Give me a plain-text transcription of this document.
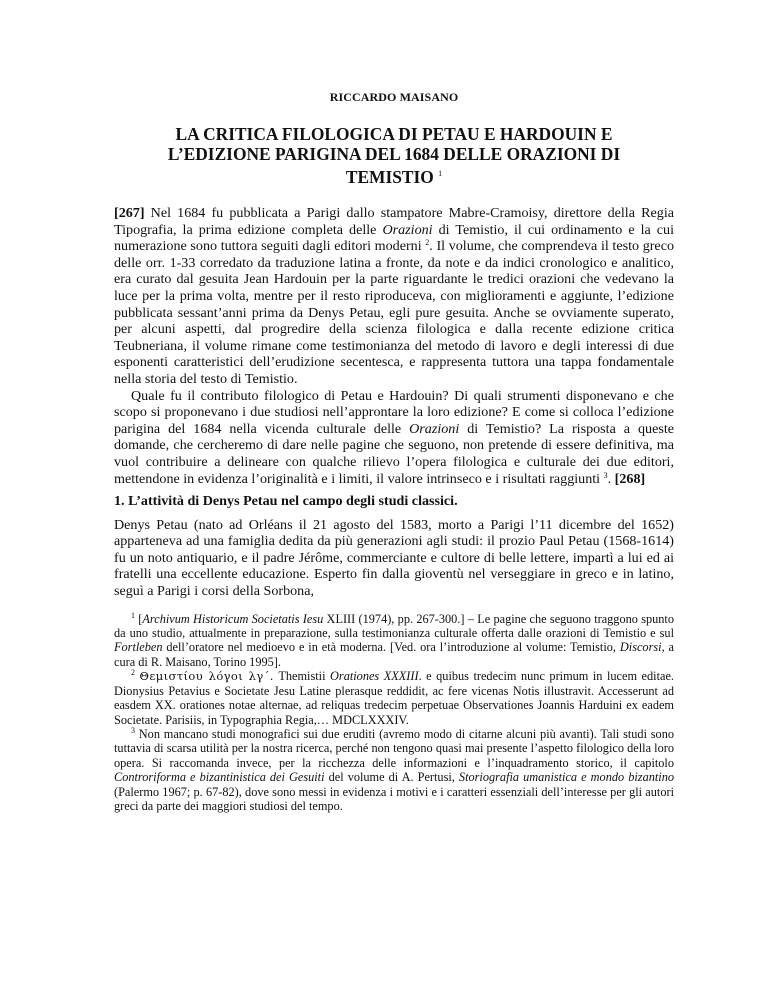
RICCARDO MAISANO
LA CRITICA FILOLOGICA DI PETAU E HARDOUIN E
L’EDIZIONE PARIGINA DEL 1684 DELLE ORAZIONI DI
TEMISTIO $^1$

[267] Nel 1684 fu pubblicata a Parigi dallo stampatore Mabre-Cramoisy, direttore della Regia Tipografia, la prima edizione completa delle Orazioni di Temistio, il cui ordinamento e la cui numerazione sono tuttora seguiti dagli editori moderni $^2$. Il volume, che comprendeva il testo greco delle orr. 1-33 corredato da traduzione latina a fronte, da note e da indici cronologico e analitico, era curato dal gesuita Jean Hardouin per la parte riguardante le tredici orazioni che vedevano la luce per la prima volta, mentre per il resto riproduceva, con miglioramenti e aggiunte, l’edizione pubblicata sessant’anni prima da Denys Petau, egli pure gesuita. Anche se ovviamente superato, per alcuni aspetti, dal progredire della scienza filologica e dalla recente edizione critica Teubneriana, il volume rimane come testimonianza del metodo di lavoro e degli interessi di due esponenti caratteristici dell’erudizione secentesca, e rappresenta tuttora una tappa fondamentale nella storia del testo di Temistio.

Quale fu il contributo filologico di Petau e Hardouin? Di quali strumenti disponevano e che scopo si proponevano i due studiosi nell’approntare la loro edizione? E come si colloca l’edizione parigina del 1684 nella vicenda culturale delle Orazioni di Temistio? La risposta a queste domande, che cercheremo di dare nelle pagine che seguono, non pretende di essere definitiva, ma vuol contribuire a delineare con qualche rilievo l’opera filologica e culturale dei due editori, mettendone in evidenza l’originalità e i limiti, il valore intrinseco e i risultati raggiunti $^3$. [268]

1. L’attività di Denys Petau nel campo degli studi classici.

Denys Petau (nato ad Orléans il 21 agosto del 1583, morto a Parigi l’11 dicembre del 1652) apparteneva ad una famiglia dedita da più generazioni agli studi: il prozio Paul Petau (1568-1614) fu un noto antiquario, e il padre Jérôme, commerciante e cultore di belle lettere, impartì a lui ed ai fratelli una eccellente educazione. Esperto fin dalla gioventù nel verseggiare in greco e in latino, seguì a Parigi i corsi della Sorbona,

$^1$ [Archivum Historicum Societatis Iesu XLIII (1974), pp. 267-300.] – Le pagine che seguono traggono spunto da uno studio, attualmente in preparazione, sulla testimonianza culturale offerta dalle orazioni di Temistio e sul Fortleben dell’oratore nel medioevo e in età moderna. [Ved. ora l’introduzione al volume: Temistio, Discorsi, a cura di R. Maisano, Torino 1995].

$^2$ Θεμιστίου λόγοι λγ´. Themistii Orationes XXXIII. e quibus tredecim nunc primum in lucem editae. Dionysius Petavius e Societate Jesu Latine plerasque reddidit, ac fere vicenas Notis illustravit. Accesserunt ad easdem XX. orationes notae alternae, ad reliquas tredecim perpetuae Observationes Joannis Harduini ex eadem Societate. Parisiis, in Typographia Regia,… MDCLXXXIV.

$^3$ Non mancano studi monografici sui due eruditi (avremo modo di citarne alcuni più avanti). Tali studi sono tuttavia di scarsa utilità per la nostra ricerca, perché non tengono quasi mai presente l’aspetto filologico della loro opera. Si raccomanda invece, per la ricchezza delle informazioni e l’inquadramento storico, il capitolo Controriforma e bizantinistica dei Gesuiti del volume di A. Pertusi, Storiografia umanistica e mondo bizantino (Palermo 1967; p. 67-82), dove sono messi in evidenza i motivi e i caratteri essenziali dell’interesse per gli autori greci da parte dei maggiori studiosi del tempo.
